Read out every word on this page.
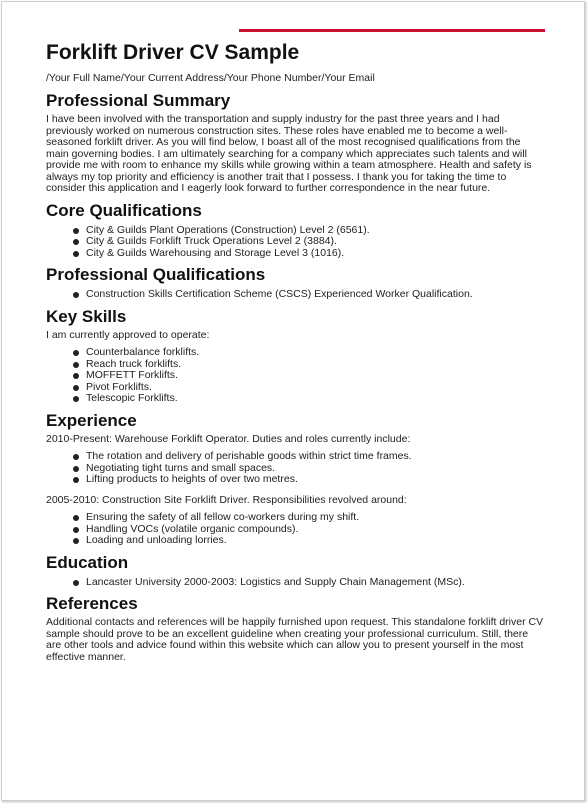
Forklift Driver CV Sample
/Your Full Name/Your Current Address/Your Phone Number/Your Email
Professional Summary

I have been involved with the transportation and supply industry for the past three years and I had previously worked on numerous construction sites. These roles have enabled me to become a well-seasoned forklift driver. As you will find below, I boast all of the most recognised qualifications from the main governing bodies. I am ultimately searching for a company which appreciates such talents and will provide me with room to enhance my skills while growing within a team atmosphere. Health and safety is always my top priority and efficiency is another trait that I possess. I thank you for taking the time to consider this application and I eagerly look forward to further correspondence in the near future.

Core Qualifications
City & Guilds Plant Operations (Construction) Level 2 (6561).
City & Guilds Forklift Truck Operations Level 2 (3884).
City & Guilds Warehousing and Storage Level 3 (1016).
Professional Qualifications
Construction Skills Certification Scheme (CSCS) Experienced Worker Qualification.
Key Skills

I am currently approved to operate:

Counterbalance forklifts.
Reach truck forklifts.
MOFFETT Forklifts.
Pivot Forklifts.
Telescopic Forklifts.
Experience

2010-Present: Warehouse Forklift Operator. Duties and roles currently include:

The rotation and delivery of perishable goods within strict time frames.
Negotiating tight turns and small spaces.
Lifting products to heights of over two metres.

2005-2010: Construction Site Forklift Driver. Responsibilities revolved around:

Ensuring the safety of all fellow co-workers during my shift.
Handling VOCs (volatile organic compounds).
Loading and unloading lorries.
Education
Lancaster University 2000-2003: Logistics and Supply Chain Management (MSc).
References

Additional contacts and references will be happily furnished upon request. This standalone forklift driver CV sample should prove to be an excellent guideline when creating your professional curriculum. Still, there are other tools and advice found within this website which can allow you to present yourself in the most effective manner.
